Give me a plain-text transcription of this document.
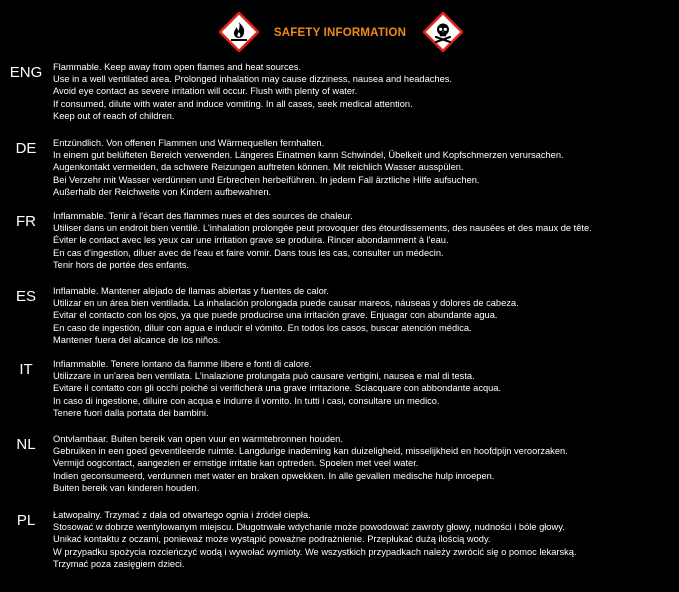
SAFETY INFORMATION
ENG	Flammable. Keep away from open flames and heat sources.
Use in a well ventilated area. Prolonged inhalation may cause dizziness, nausea and headaches.
Avoid eye contact as severe irritation will occur. Flush with plenty of water.
If consumed, dilute with water and induce vomiting. In all cases, seek medical attention.
Keep out of reach of children.
DE	Entzündlich. Von offenen Flammen und Wärmequellen fernhalten.
In einem gut belüfteten Bereich verwenden. Längeres Einatmen kann Schwindel, Übelkeit und Kopfschmerzen verursachen.
Augenkontakt vermeiden, da schwere Reizungen auftreten können. Mit reichlich Wasser ausspülen.
Bei Verzehr mit Wasser verdünnen und Erbrechen herbeiführen. In jedem Fall ärztliche Hilfe aufsuchen.
Außerhalb der Reichweite von Kindern aufbewahren.
FR	Inflammable. Tenir à l'écart des flammes nues et des sources de chaleur.
Utiliser dans un endroit bien ventilé. L'inhalation prolongée peut provoquer des étourdissements, des nausées et des maux de tête.
Éviter le contact avec les yeux car une irritation grave se produira. Rincer abondamment à l'eau.
En cas d'ingestion, diluer avec de l'eau et faire vomir. Dans tous les cas, consulter un médecin.
Tenir hors de portée des enfants.
ES	Inflamable. Mantener alejado de llamas abiertas y fuentes de calor.
Utilizar en un área bien ventilada. La inhalación prolongada puede causar mareos, náuseas y dolores de cabeza.
Evitar el contacto con los ojos, ya que puede producirse una irritación grave. Enjuagar con abundante agua.
En caso de ingestión, diluir con agua e inducir el vómito. En todos los casos, buscar atención médica.
Mantener fuera del alcance de los niños.
IT	Infiammabile. Tenere lontano da fiamme libere e fonti di calore.
Utilizzare in un'area ben ventilata. L'inalazione prolungata può causare vertigini, nausea e mal di testa.
Evitare il contatto con gli occhi poiché si verificherà una grave irritazione. Sciacquare con abbondante acqua.
In caso di ingestione, diluire con acqua e indurre il vomito. In tutti i casi, consultare un medico.
Tenere fuori dalla portata dei bambini.
NL	Ontvlambaar. Buiten bereik van open vuur en warmtebronnen houden.
Gebruiken in een goed geventileerde ruimte. Langdurige inademing kan duizeligheid, misselijkheid en hoofdpijn veroorzaken.
Vermijd oogcontact, aangezien er ernstige irritatie kan optreden. Spoelen met veel water.
Indien geconsumeerd, verdunnen met water en braken opwekken. In alle gevallen medische hulp inroepen.
Buiten bereik van kinderen houden.
PL	Łatwopalny. Trzymać z dala od otwartego ognia i źródeł ciepła.
Stosować w dobrze wentylowanym miejscu. Długotrwałe wdychanie może powodować zawroty głowy, nudności i bóle głowy.
Unikać kontaktu z oczami, ponieważ może wystąpić poważne podrażnienie. Przepłukać dużą ilością wody.
W przypadku spożycia rozcieńczyć wodą i wywołać wymioty. We wszystkich przypadkach należy zwrócić się o pomoc lekarską.
Trzymać poza zasięgiem dzieci.
